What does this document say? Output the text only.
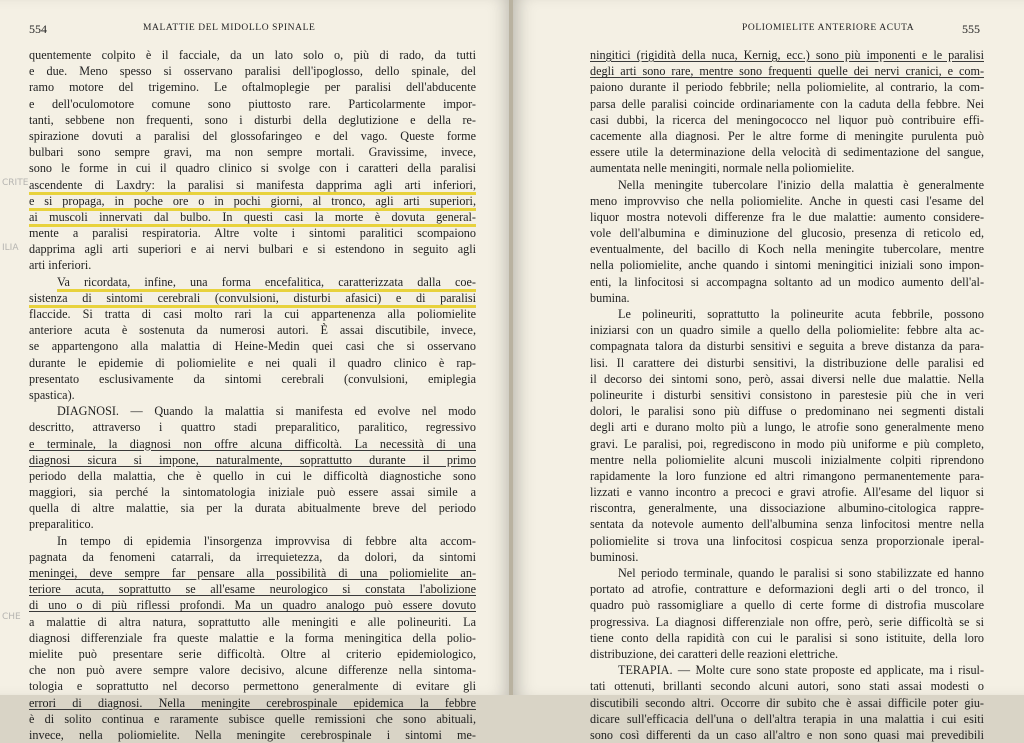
554	MALATTIE DEL MIDOLLO SPINALE
CRITE
ILIA
CHE
quentemente colpito è il facciale, da un lato solo o, più di rado, da tutti
e due. Meno spesso si osservano paralisi dell'ipoglosso, dello spinale, del
ramo motore del trigemino. Le oftalmoplegie per paralisi dell'abducente
e dell'oculomotore comune sono piuttosto rare. Particolarmente impor-
tanti, sebbene non frequenti, sono i disturbi della deglutizione e della re-
spirazione dovuti a paralisi del glossofaringeo e del vago. Queste forme
bulbari sono sempre gravi, ma non sempre mortali. Gravissime, invece,
sono le forme in cui il quadro clinico si svolge con i caratteri della paralisi
ascendente di Laxdry: la paralisi si manifesta dapprima agli arti inferiori,
e si propaga, in poche ore o in pochi giorni, al tronco, agli arti superiori,
ai muscoli innervati dal bulbo. In questi casi la morte è dovuta general-
mente a paralisi respiratoria. Altre volte i sintomi paralitici scompaiono
dapprima agli arti superiori e ai nervi bulbari e si estendono in seguito agli
arti inferiori.
Va ricordata, infine, una forma encefalitica, caratterizzata dalla coe-
sistenza di sintomi cerebrali (convulsioni, disturbi afasici) e di paralisi
flaccide. Si tratta di casi molto rari la cui appartenenza alla poliomielite
anteriore acuta è sostenuta da numerosi autori. È assai discutibile, invece,
se appartengono alla malattia di Heine-Medin quei casi che si osservano
durante le epidemie di poliomielite e nei quali il quadro clinico è rap-
presentato esclusivamente da sintomi cerebrali (convulsioni, emiplegia
spastica).
DIAGNOSI. — Quando la malattia si manifesta ed evolve nel modo
descritto, attraverso i quattro stadi preparalitico, paralitico, regressivo
e terminale, la diagnosi non offre alcuna difficoltà. La necessità di una
diagnosi sicura si impone, naturalmente, soprattutto durante il primo
periodo della malattia, che è quello in cui le difficoltà diagnostiche sono
maggiori, sia perché la sintomatologia iniziale può essere assai simile a
quella di altre malattie, sia per la durata abitualmente breve del periodo
preparalitico.
In tempo di epidemia l'insorgenza improvvisa di febbre alta accom-
pagnata da fenomeni catarrali, da irrequietezza, da dolori, da sintomi
meningei, deve sempre far pensare alla possibilità di una poliomielite an-
teriore acuta, soprattutto se all'esame neurologico si constata l'abolizione
di uno o di più riflessi profondi. Ma un quadro analogo può essere dovuto
a malattie di altra natura, soprattutto alle meningiti e alle polineuriti. La
diagnosi differenziale fra queste malattie e la forma meningitica della polio-
mielite può presentare serie difficoltà. Oltre al criterio epidemiologico,
che non può avere sempre valore decisivo, alcune differenze nella sintoma-
tologia e soprattutto nel decorso permettono generalmente di evitare gli
errori di diagnosi. Nella meningite cerebrospinale epidemica la febbre
è di solito continua e raramente subisce quelle remissioni che sono abituali,
invece, nella poliomielite. Nella meningite cerebrospinale i sintomi me-
POLIOMIELITE ANTERIORE ACUTA	555
ningitici (rigidità della nuca, Kernig, ecc.) sono più imponenti e le paralisi
degli arti sono rare, mentre sono frequenti quelle dei nervi cranici, e com-
paiono durante il periodo febbrile; nella poliomielite, al contrario, la com-
parsa delle paralisi coincide ordinariamente con la caduta della febbre. Nei
casi dubbi, la ricerca del meningococco nel liquor può contribuire effi-
cacemente alla diagnosi. Per le altre forme di meningite purulenta può
essere utile la determinazione della velocità di sedimentazione del sangue,
aumentata nelle meningiti, normale nella poliomielite.
Nella meningite tubercolare l'inizio della malattia è generalmente
meno improvviso che nella poliomielite. Anche in questi casi l'esame del
liquor mostra notevoli differenze fra le due malattie: aumento considere-
vole dell'albumina e diminuzione del glucosio, presenza di reticolo ed,
eventualmente, del bacillo di Koch nella meningite tubercolare, mentre
nella poliomielite, anche quando i sintomi meningitici iniziali sono impon-
enti, la linfocitosi si accompagna soltanto ad un modico aumento dell'al-
bumina.
Le polineuriti, soprattutto la polineurite acuta febbrile, possono
iniziarsi con un quadro simile a quello della poliomielite: febbre alta ac-
compagnata talora da disturbi sensitivi e seguita a breve distanza da para-
lisi. Il carattere dei disturbi sensitivi, la distribuzione delle paralisi ed
il decorso dei sintomi sono, però, assai diversi nelle due malattie. Nella
polineurite i disturbi sensitivi consistono in parestesie più che in veri
dolori, le paralisi sono più diffuse o predominano nei segmenti distali
degli arti e durano molto più a lungo, le atrofie sono generalmente meno
gravi. Le paralisi, poi, regrediscono in modo più uniforme e più completo,
mentre nella poliomielite alcuni muscoli inizialmente colpiti riprendono
rapidamente la loro funzione ed altri rimangono permanentemente para-
lizzati e vanno incontro a precoci e gravi atrofie. All'esame del liquor si
riscontra, generalmente, una dissociazione albumino-citologica rappre-
sentata da notevole aumento dell'albumina senza linfocitosi mentre nella
poliomielite si trova una linfocitosi cospicua senza proporzionale iperal-
buminosi.
Nel periodo terminale, quando le paralisi si sono stabilizzate ed hanno
portato ad atrofie, contratture e deformazioni degli arti o del tronco, il
quadro può rassomigliare a quello di certe forme di distrofia muscolare
progressiva. La diagnosi differenziale non offre, però, serie difficoltà se si
tiene conto della rapidità con cui le paralisi si sono istituite, della loro
distribuzione, dei caratteri delle reazioni elettriche.
TERAPIA. — Molte cure sono state proposte ed applicate, ma i risul-
tati ottenuti, brillanti secondo alcuni autori, sono stati assai modesti o
discutibili secondo altri. Occorre dir subito che è assai difficile poter giu-
dicare sull'efficacia dell'una o dell'altra terapia in una malattia i cui esiti
sono così differenti da un caso all'altro e non sono quasi mai prevedibili
